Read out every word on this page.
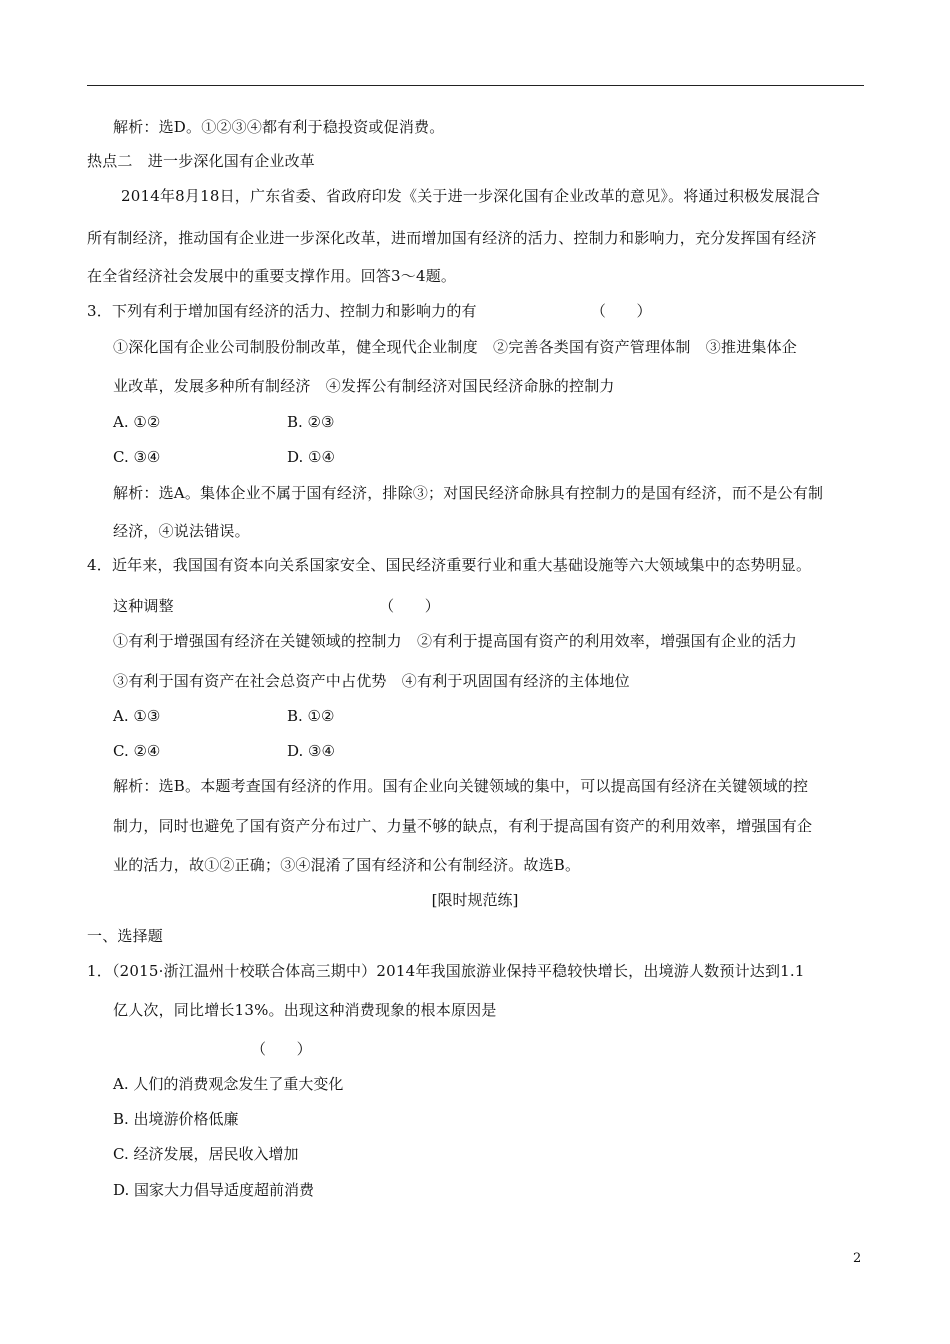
解析：选D。①②③④都有利于稳投资或促消费。
热点二　进一步深化国有企业改革
2014年8月18日，广东省委、省政府印发《关于进一步深化国有企业改革的意见》。将通过积极发展混合
所有制经济，推动国有企业进一步深化改革，进而增加国有经济的活力、控制力和影响力，充分发挥国有经济
在全省经济社会发展中的重要支撑作用。回答3～4题。
3．下列有利于增加国有经济的活力、控制力和影响力的有　　　　　　　　（　　）
①深化国有企业公司制股份制改革，健全现代企业制度　②完善各类国有资产管理体制　③推进集体企
业改革，发展多种所有制经济　④发挥公有制经济对国民经济命脉的控制力
A. ①②	B. ②③
C. ③④	D. ①④
解析：选A。集体企业不属于国有经济，排除③；对国民经济命脉具有控制力的是国有经济，而不是公有制
经济，④说法错误。
4．近年来，我国国有资本向关系国家安全、国民经济重要行业和重大基础设施等六大领域集中的态势明显。
这种调整　　　　　　　　　　　　　　（　　）
①有利于增强国有经济在关键领域的控制力　②有利于提高国有资产的利用效率，增强国有企业的活力
③有利于国有资产在社会总资产中占优势　④有利于巩固国有经济的主体地位
A. ①③	B. ①②
C. ②④	D. ③④
解析：选B。本题考查国有经济的作用。国有企业向关键领域的集中，可以提高国有经济在关键领域的控
制力，同时也避免了国有资产分布过广、力量不够的缺点，有利于提高国有资产的利用效率，增强国有企
业的活力，故①②正确；③④混淆了国有经济和公有制经济。故选B。
[限时规范练]
一、选择题
1．（2015·浙江温州十校联合体高三期中）2014年我国旅游业保持平稳较快增长，出境游人数预计达到1.1
亿人次，同比增长13%。出现这种消费现象的根本原因是
（　　）
A. 人们的消费观念发生了重大变化
B. 出境游价格低廉
C. 经济发展，居民收入增加
D. 国家大力倡导适度超前消费
2
